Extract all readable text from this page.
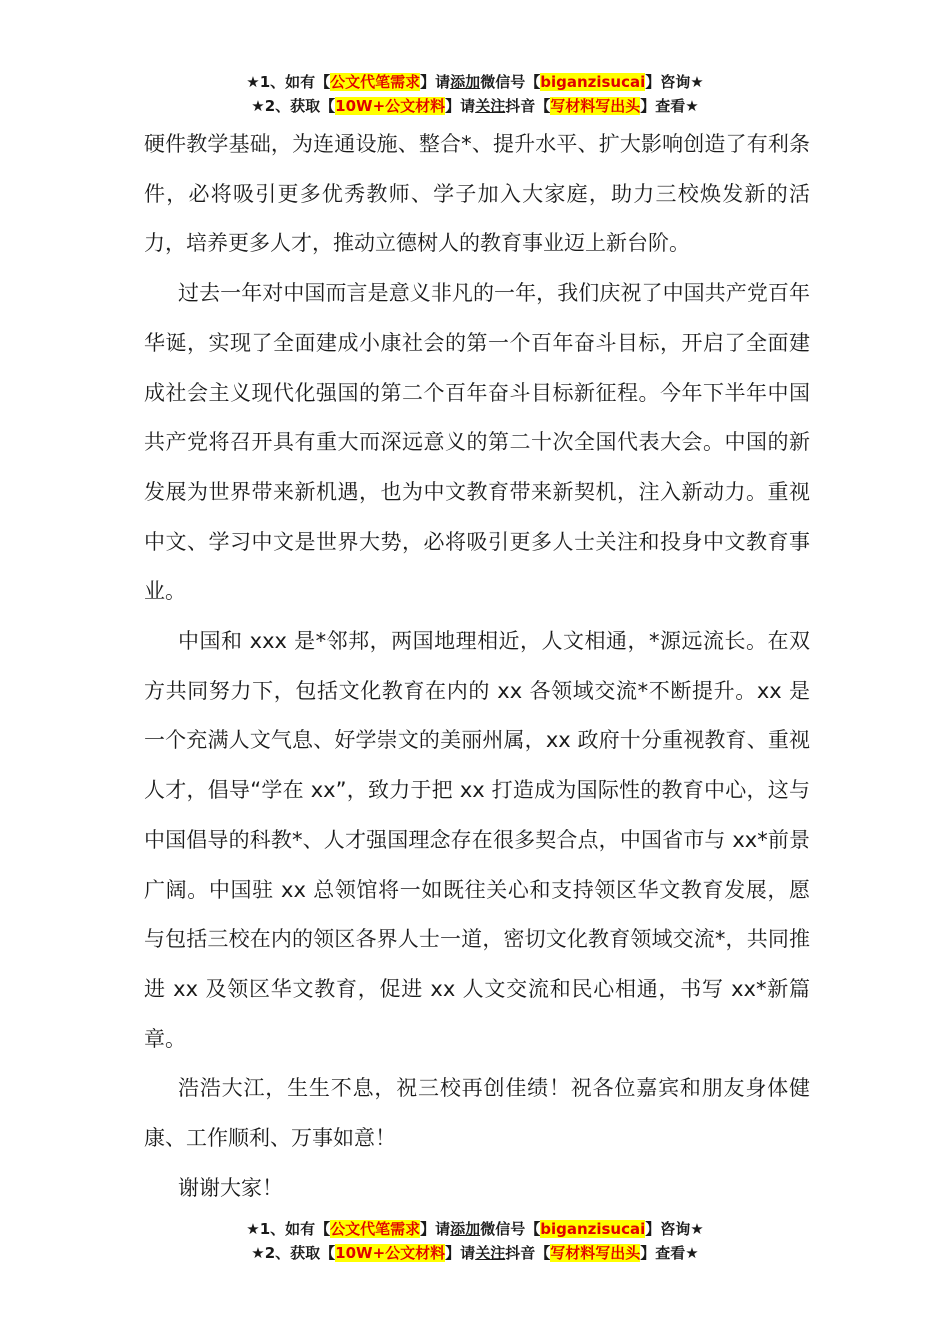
★1、如有【公文代笔需求】请添加微信号【biganzisucai】咨询★
★2、获取【10W+公文材料】请关注抖音【写材料写出头】查看★

硬件教学基础，为连通设施、整合*、提升水平、扩大影响创造了有利条件，必将吸引更多优秀教师、学子加入大家庭，助力三校焕发新的活力，培养更多人才，推动立德树人的教育事业迈上新台阶。

过去一年对中国而言是意义非凡的一年，我们庆祝了中国共产党百年华诞，实现了全面建成小康社会的第一个百年奋斗目标，开启了全面建成社会主义现代化强国的第二个百年奋斗目标新征程。今年下半年中国共产党将召开具有重大而深远意义的第二十次全国代表大会。中国的新发展为世界带来新机遇，也为中文教育带来新契机，注入新动力。重视中文、学习中文是世界大势，必将吸引更多人士关注和投身中文教育事业。

中国和 xxx 是*邻邦，两国地理相近，人文相通，*源远流长。在双方共同努力下，包括文化教育在内的 xx 各领域交流*不断提升。xx 是一个充满人文气息、好学崇文的美丽州属，xx 政府十分重视教育、重视人才，倡导“学在 xx”，致力于把 xx 打造成为国际性的教育中心，这与中国倡导的科教*、人才强国理念存在很多契合点，中国省市与 xx*前景广阔。中国驻 xx 总领馆将一如既往关心和支持领区华文教育发展，愿与包括三校在内的领区各界人士一道，密切文化教育领域交流*，共同推进 xx 及领区华文教育，促进 xx 人文交流和民心相通，书写 xx*新篇章。

浩浩大江，生生不息，祝三校再创佳绩！祝各位嘉宾和朋友身体健康、工作顺利、万事如意！

谢谢大家！

★1、如有【公文代笔需求】请添加微信号【biganzisucai】咨询★
★2、获取【10W+公文材料】请关注抖音【写材料写出头】查看★
